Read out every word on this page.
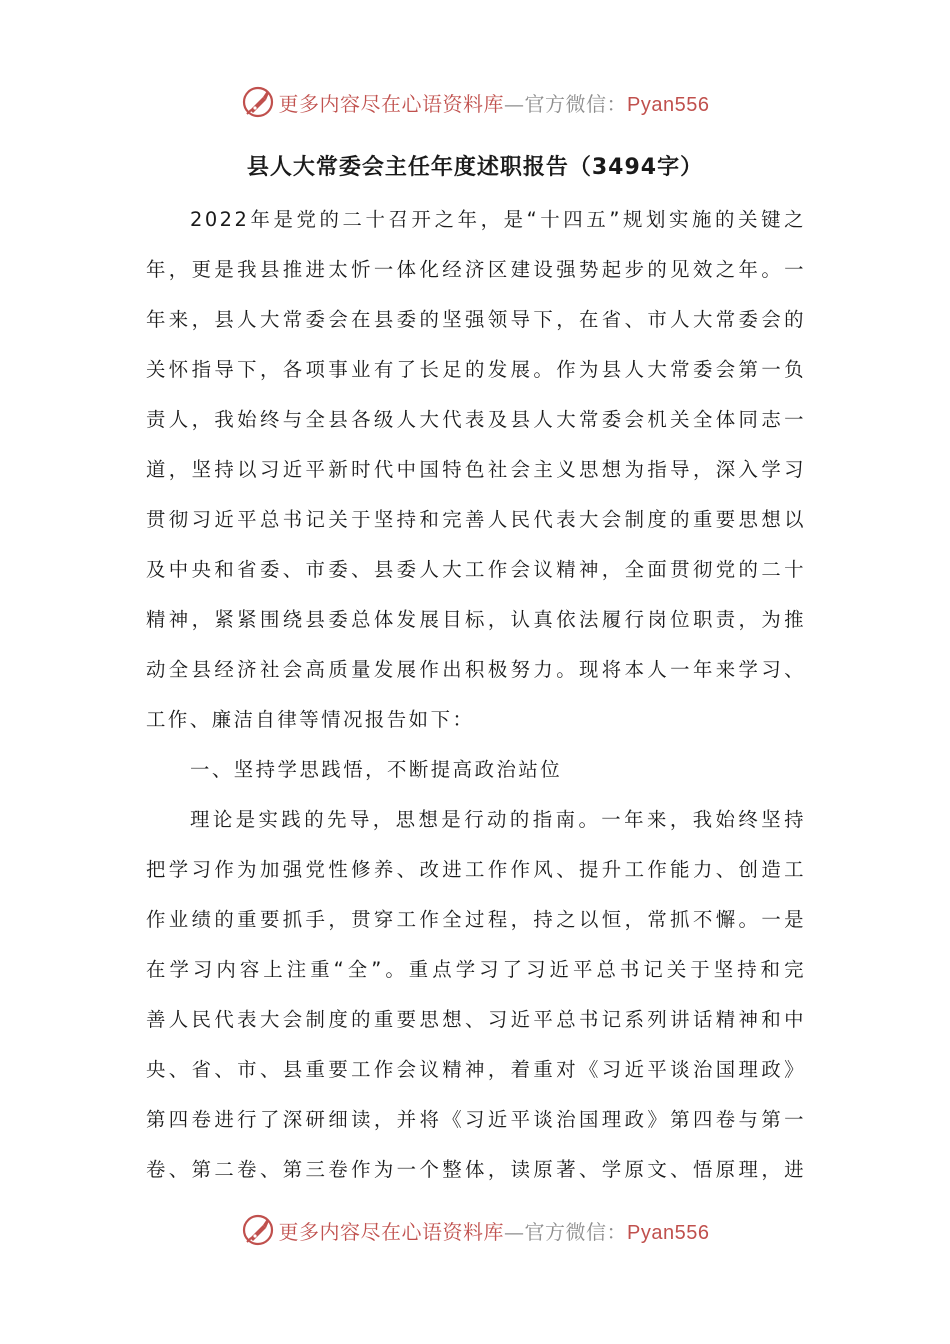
更多内容尽在心语资料库—官方微信：Pyan556
县人大常委会主任年度述职报告（3494字）
2022年是党的二十召开之年，是“十四五”规划实施的关键之
年，更是我县推进太忻一体化经济区建设强势起步的见效之年。一
年来，县人大常委会在县委的坚强领导下，在省、市人大常委会的
关怀指导下，各项事业有了长足的发展。作为县人大常委会第一负
责人，我始终与全县各级人大代表及县人大常委会机关全体同志一
道，坚持以习近平新时代中国特色社会主义思想为指导，深入学习
贯彻习近平总书记关于坚持和完善人民代表大会制度的重要思想以
及中央和省委、市委、县委人大工作会议精神，全面贯彻党的二十
精神，紧紧围绕县委总体发展目标，认真依法履行岗位职责，为推
动全县经济社会高质量发展作出积极努力。现将本人一年来学习、
工作、廉洁自律等情况报告如下：
一、坚持学思践悟，不断提高政治站位
理论是实践的先导，思想是行动的指南。一年来，我始终坚持
把学习作为加强党性修养、改进工作作风、提升工作能力、创造工
作业绩的重要抓手，贯穿工作全过程，持之以恒，常抓不懈。一是
在学习内容上注重“全”。重点学习了习近平总书记关于坚持和完
善人民代表大会制度的重要思想、习近平总书记系列讲话精神和中
央、省、市、县重要工作会议精神，着重对《习近平谈治国理政》
第四卷进行了深研细读，并将《习近平谈治国理政》第四卷与第一
卷、第二卷、第三卷作为一个整体，读原著、学原文、悟原理，进
更多内容尽在心语资料库—官方微信：Pyan556
